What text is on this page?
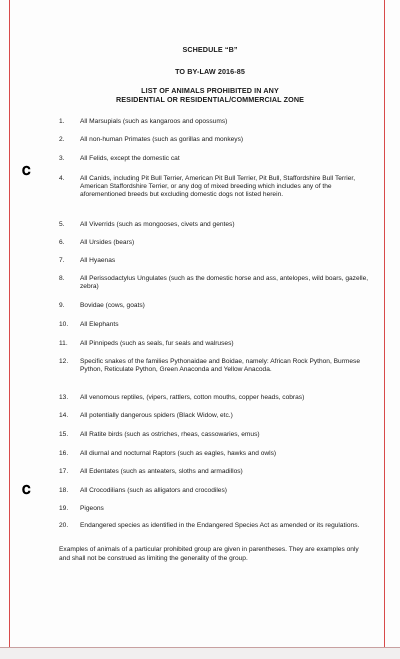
𝐂
𝐂
SCHEDULE “B”
TO BY-LAW 2016-85
LIST OF ANIMALS PROHIBITED IN ANY
RESIDENTIAL OR RESIDENTIAL/COMMERCIAL ZONE
1.	All Marsupials (such as kangaroos and opossums)
2.	All non-human Primates (such as gorillas and monkeys)
3.	All Felids, except the domestic cat
4.	All Canids, including Pit Bull Terrier, American Pit Bull Terrier, Pit Bull, Staffordshire Bull Terrier, American Staffordshire Terrier, or any dog of mixed breeding which includes any of the aforementioned breeds but excluding domestic dogs not listed herein.
5.	All Viverrids (such as mongooses, civets and gentes)
6.	All Ursides (bears)
7.	All Hyaenas
8.	All Perissodactylus Ungulates (such as the domestic horse and ass, antelopes, wild boars, gazelle, zebra)
9.	Bovidae (cows, goats)
10.	All Elephants
11.	All Pinnipeds (such as seals, fur seals and walruses)
12.	Specific snakes of the families Pythonaidae and Boidae, namely: African Rock Python, Burmese Python, Reticulate Python, Green Anaconda and Yellow Anacoda.
13.	All venomous reptiles, (vipers, rattlers, cotton mouths, copper heads, cobras)
14.	All potentially dangerous spiders (Black Widow, etc.)
15.	All Ratite birds (such as ostriches, rheas, cassowaries, emus)
16.	All diurnal and nocturnal Raptors (such as eagles, hawks and owls)
17.	All Edentates (such as anteaters, sloths and armadillos)
18.	All Crocodilians (such as alligators and crocodiles)
19.	Pigeons
20.	Endangered species as identified in the Endangered Species Act as amended or its regulations.
Examples of animals of a particular prohibited group are given in parentheses. They are examples only and shall not be construed as limiting the generality of the group.
